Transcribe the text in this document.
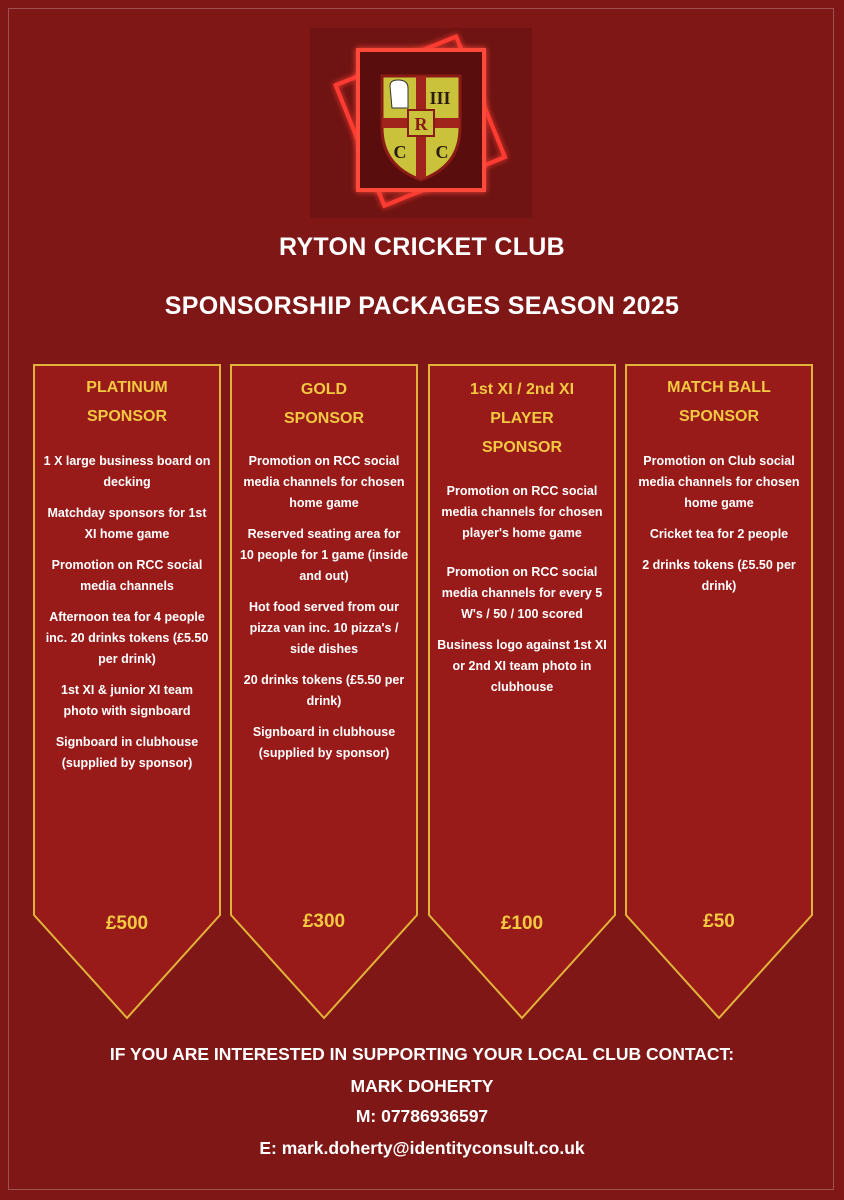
III
R
C C
RYTON CRICKET CLUB
SPONSORSHIP PACKAGES SEASON 2025
PLATINUM
SPONSOR
1 X large business board on decking
Matchday sponsors for 1st XI home game
Promotion on RCC social media channels
Afternoon tea for 4 people inc. 20 drinks tokens (£5.50 per drink)
1st XI & junior XI team photo with signboard
Signboard in clubhouse (supplied by sponsor)
£500
GOLD
SPONSOR
Promotion on RCC social media channels for chosen home game
Reserved seating area for 10 people for 1 game (inside and out)
Hot food served from our pizza van inc. 10 pizza's / side dishes
20 drinks tokens (£5.50 per drink)
Signboard in clubhouse (supplied by sponsor)
£300
1st XI / 2nd XI
PLAYER
SPONSOR
Promotion on RCC social media channels for chosen player's home game
Promotion on RCC social media channels for every 5 W's / 50 / 100 scored
Business logo against 1st XI or 2nd XI team photo in clubhouse
£100
MATCH BALL
SPONSOR
Promotion on Club social media channels for chosen home game
Cricket tea for 2 people
2 drinks tokens (£5.50 per drink)
£50
IF YOU ARE INTERESTED IN SUPPORTING YOUR LOCAL CLUB CONTACT:
MARK DOHERTY
M: 07786936597
E: mark.doherty@identityconsult.co.uk
